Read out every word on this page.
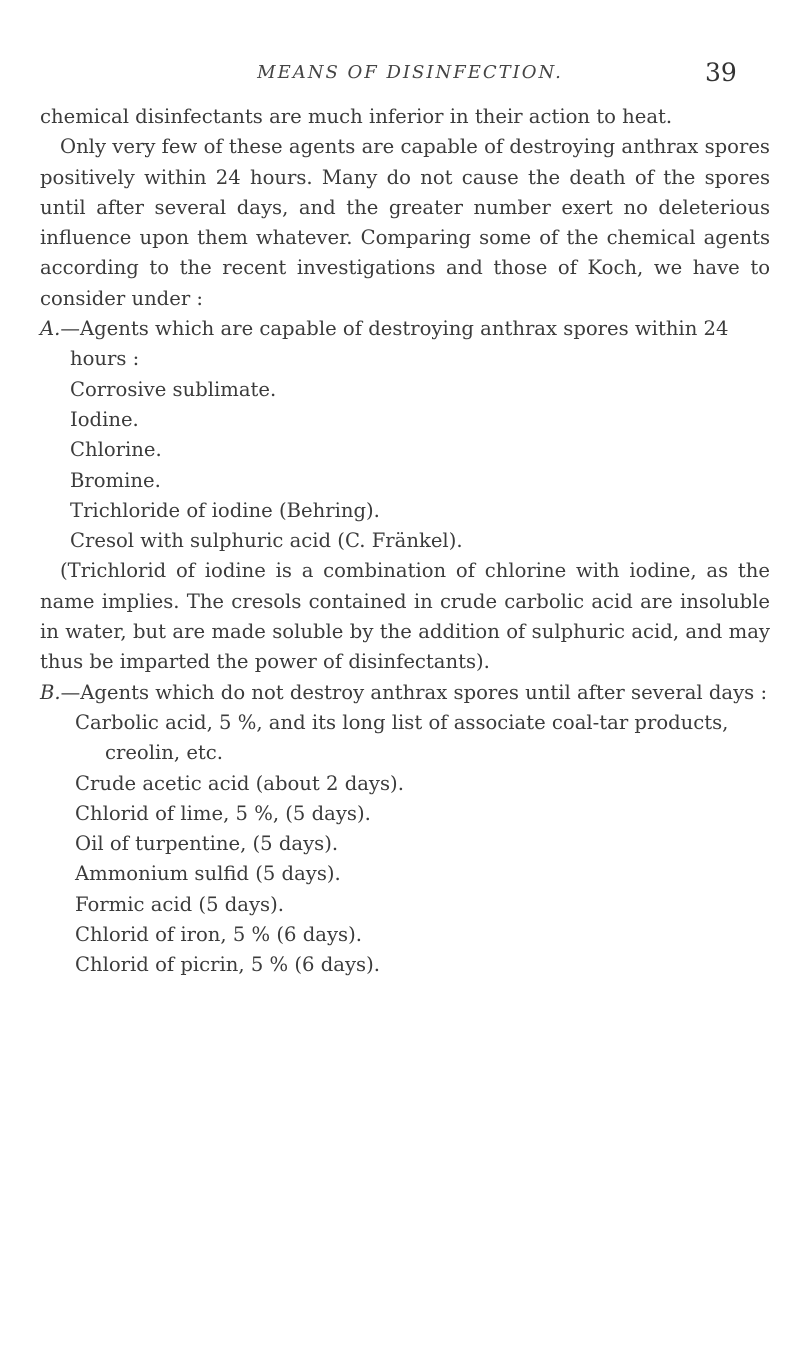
MEANS OF DISINFECTION.	39

chemical disinfectants are much inferior in their action to heat.

Only very few of these agents are capable of destroying anthrax spores positively within 24 hours. Many do not cause the death of the spores until after several days, and the greater number exert no deleterious influence upon them whatever. Comparing some of the chemical agents according to the recent investigations and those of Koch, we have to consider under :

A.—Agents which are capable of destroying anthrax spores within 24 hours :

Corrosive sublimate.

Iodine.

Chlorine.

Bromine.

Trichloride of iodine (Behring).

Cresol with sulphuric acid (C. Fränkel).

(Trichlorid of iodine is a combination of chlorine with iodine, as the name implies. The cresols contained in crude carbolic acid are insoluble in water, but are made soluble by the addition of sulphuric acid, and may thus be imparted the power of disinfectants).

B.—Agents which do not destroy anthrax spores until after several days :

Carbolic acid, 5 %, and its long list of associate coal-tar products, creolin, etc.

Crude acetic acid (about 2 days).

Chlorid of lime, 5 %, (5 days).

Oil of turpentine, (5 days).

Ammonium sulfid (5 days).

Formic acid (5 days).

Chlorid of iron, 5 % (6 days).

Chlorid of picrin, 5 % (6 days).
